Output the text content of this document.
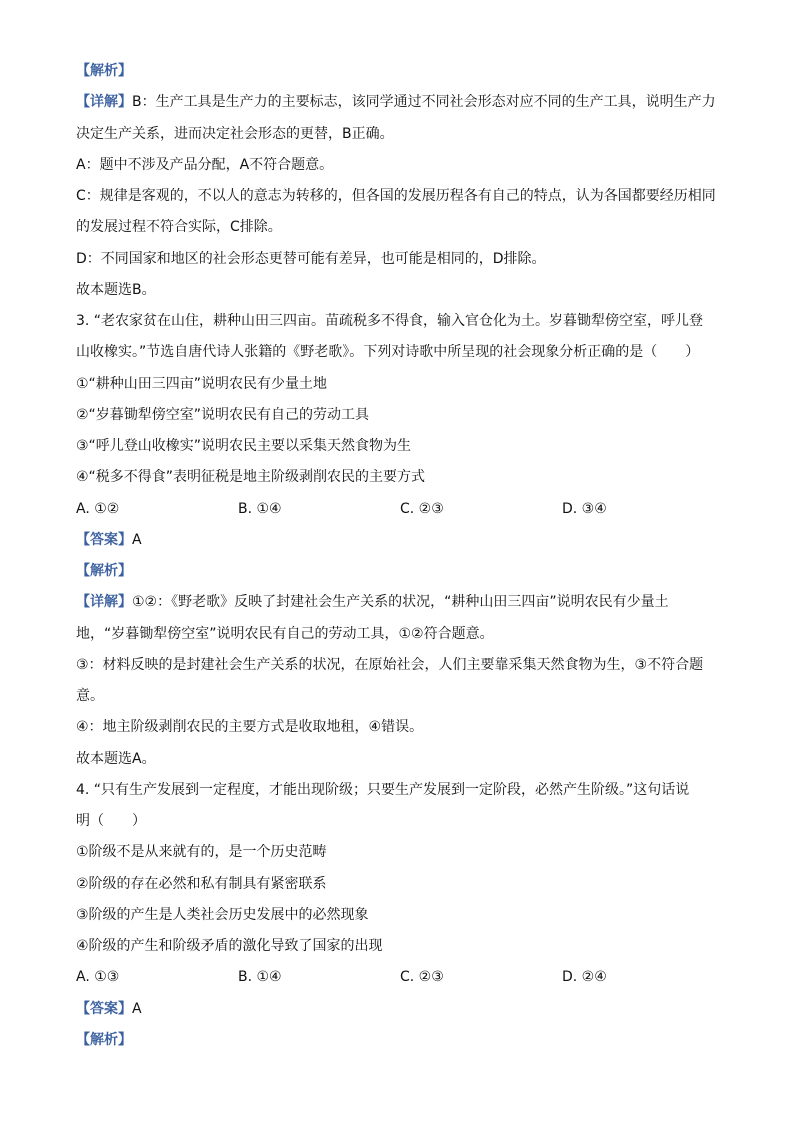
【解析】

【详解】B：生产工具是生产力的主要标志，该同学通过不同社会形态对应不同的生产工具，说明生产力

决定生产关系，进而决定社会形态的更替，B正确。

A：题中不涉及产品分配，A不符合题意。

C：规律是客观的，不以人的意志为转移的，但各国的发展历程各有自己的特点，认为各国都要经历相同

的发展过程不符合实际，C排除。

D：不同国家和地区的社会形态更替可能有差异，也可能是相同的，D排除。

故本题选B。

3. “老农家贫在山住，耕种山田三四亩。苗疏税多不得食，输入官仓化为土。岁暮锄犁傍空室，呼儿登

山收橡实。”节选自唐代诗人张籍的《野老歌》。下列对诗歌中所呈现的社会现象分析正确的是（　　）

①“耕种山田三四亩”说明农民有少量土地

②“岁暮锄犁傍空室”说明农民有自己的劳动工具

③“呼儿登山收橡实”说明农民主要以采集天然食物为生

④“税多不得食”表明征税是地主阶级剥削农民的主要方式

A. ①②	B. ①④	C. ②③	D. ③④

【答案】A

【解析】

【详解】①②：《野老歌》反映了封建社会生产关系的状况，“耕种山田三四亩”说明农民有少量土

地，“岁暮锄犁傍空室”说明农民有自己的劳动工具，①②符合题意。

③：材料反映的是封建社会生产关系的状况，在原始社会，人们主要靠采集天然食物为生，③不符合题

意。

④：地主阶级剥削农民的主要方式是收取地租，④错误。

故本题选A。

4. “只有生产发展到一定程度，才能出现阶级；只要生产发展到一定阶段，必然产生阶级。”这句话说

明（　　）

①阶级不是从来就有的，是一个历史范畴

②阶级的存在必然和私有制具有紧密联系

③阶级的产生是人类社会历史发展中的必然现象

④阶级的产生和阶级矛盾的激化导致了国家的出现

A. ①③	B. ①④	C. ②③	D. ②④

【答案】A

【解析】
